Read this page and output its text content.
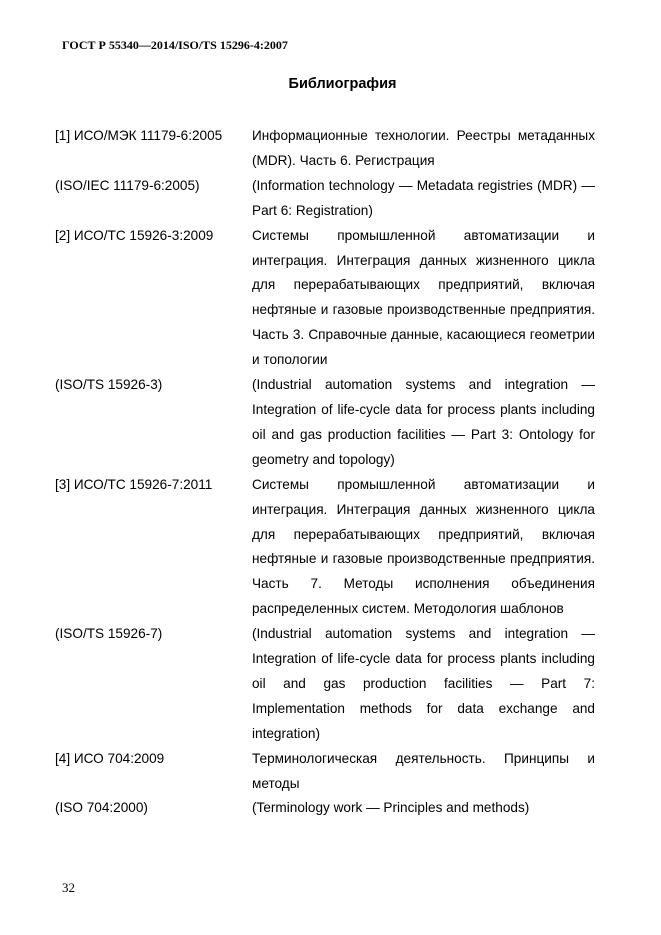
ГОСТ Р 55340—2014/ISO/TS 15296-4:2007
Библиография
[1] ИСО/МЭК 11179-6:2005	Информационные технологии. Реестры метаданных (MDR). Часть 6. Регистрация
(ISO/IEC 11179-6:2005)	(Information technology — Metadata registries (MDR) — Part 6: Registration)
[2] ИСО/ТС 15926-3:2009	Системы промышленной автоматизации и интеграция. Интеграция данных жизненного цикла для перерабатывающих предприятий, включая нефтяные и газовые производственные предприятия. Часть 3. Справочные данные, касающиеся геометрии и топологии
(ISO/TS 15926-3)	(Industrial automation systems and integration — Integration of life-cycle data for process plants including oil and gas production facilities — Part 3: Ontology for geometry and topology)
[3] ИСО/ТС 15926-7:2011	Системы промышленной автоматизации и интеграция. Интеграция данных жизненного цикла для перерабатывающих предприятий, включая нефтяные и газовые производственные предприятия. Часть 7. Методы исполнения объединения распределенных систем. Методология шаблонов
(ISO/TS 15926-7)	(Industrial automation systems and integration — Integration of life-cycle data for process plants including oil and gas production facilities — Part 7: Implementation methods for data exchange and integration)
[4] ИСО 704:2009	Терминологическая деятельность. Принципы и методы
(ISO 704:2000)	(Terminology work — Principles and methods)
32
